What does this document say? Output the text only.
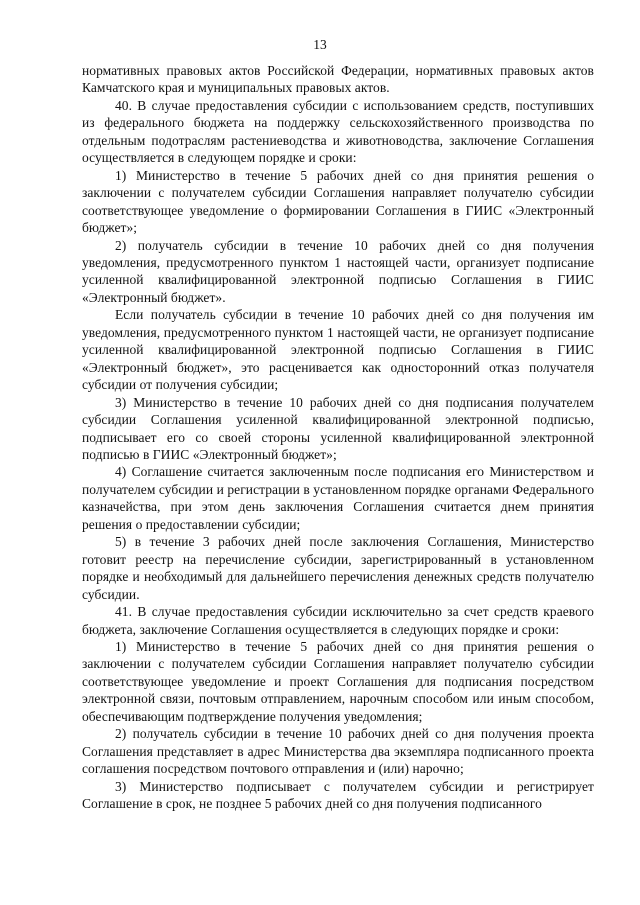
13

нормативных правовых актов Российской Федерации, нормативных правовых актов Камчатского края и муниципальных правовых актов.

40. В случае предоставления субсидии с использованием средств, поступивших из федерального бюджета на поддержку сельскохозяйственного производства по отдельным подотраслям растениеводства и животноводства, заключение Соглашения осуществляется в следующем порядке и сроки:

1) Министерство в течение 5 рабочих дней со дня принятия решения о заключении с получателем субсидии Соглашения направляет получателю субсидии соответствующее уведомление о формировании Соглашения в ГИИС «Электронный бюджет»;

2) получатель субсидии в течение 10 рабочих дней со дня получения уведомления, предусмотренного пунктом 1 настоящей части, организует подписание усиленной квалифицированной электронной подписью Соглашения в ГИИС «Электронный бюджет».

Если получатель субсидии в течение 10 рабочих дней со дня получения им уведомления, предусмотренного пунктом 1 настоящей части, не организует подписание усиленной квалифицированной электронной подписью Соглашения в ГИИС «Электронный бюджет», это расценивается как односторонний отказ получателя субсидии от получения субсидии;

3) Министерство в течение 10 рабочих дней со дня подписания получателем субсидии Соглашения усиленной квалифицированной электронной подписью, подписывает его со своей стороны усиленной квалифицированной электронной подписью в ГИИС «Электронный бюджет»;

4) Соглашение считается заключенным после подписания его Министерством и получателем субсидии и регистрации в установленном порядке органами Федерального казначейства, при этом день заключения Соглашения считается днем принятия решения о предоставлении субсидии;

5) в течение 3 рабочих дней после заключения Соглашения, Министерство готовит реестр на перечисление субсидии, зарегистрированный в установленном порядке и необходимый для дальнейшего перечисления денежных средств получателю субсидии.

41. В случае предоставления субсидии исключительно за счет средств краевого бюджета, заключение Соглашения осуществляется в следующих порядке и сроки:

1) Министерство в течение 5 рабочих дней со дня принятия решения о заключении с получателем субсидии Соглашения направляет получателю субсидии соответствующее уведомление и проект Соглашения для подписания посредством электронной связи, почтовым отправлением, нарочным способом или иным способом, обеспечивающим подтверждение получения уведомления;

2) получатель субсидии в течение 10 рабочих дней со дня получения проекта Соглашения представляет в адрес Министерства два экземпляра подписанного проекта соглашения посредством почтового отправления и (или) нарочно;

3) Министерство подписывает с получателем субсидии и регистрирует Соглашение в срок, не позднее 5 рабочих дней со дня получения подписанного
